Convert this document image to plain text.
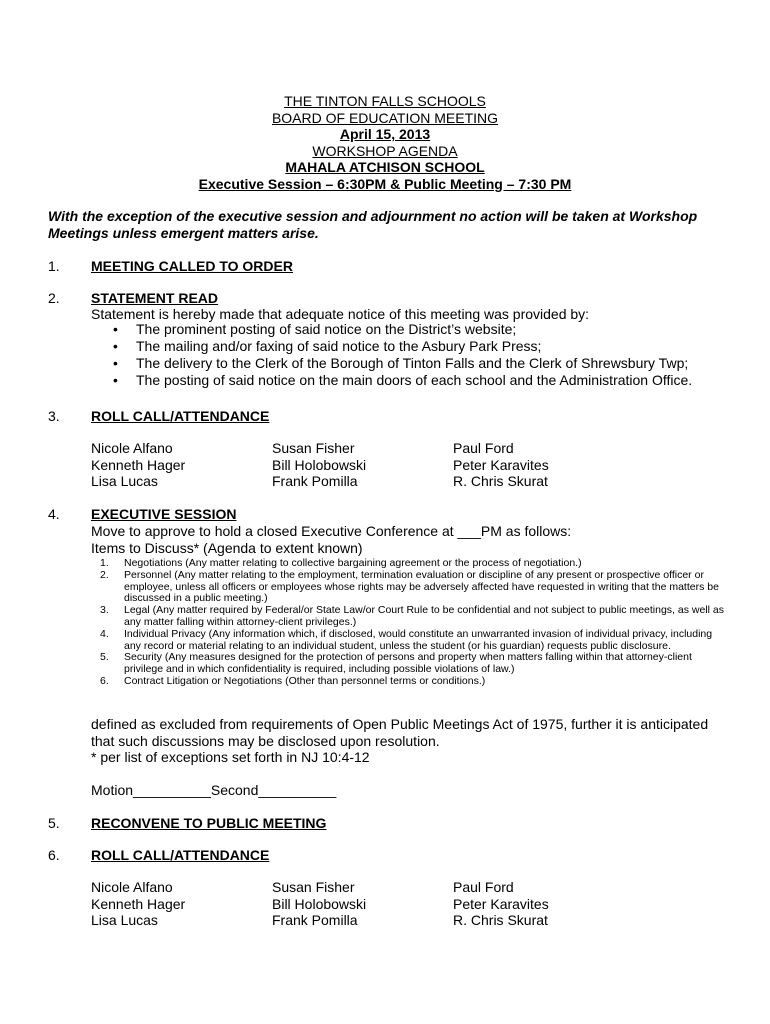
THE TINTON FALLS SCHOOLS
BOARD OF EDUCATION MEETING
April 15, 2013
WORKSHOP AGENDA
MAHALA ATCHISON SCHOOL
Executive Session – 6:30PM & Public Meeting – 7:30 PM
With the exception of the executive session and adjournment no action will be taken at Workshop Meetings unless emergent matters arise.
1. MEETING CALLED TO ORDER
2. STATEMENT READ
Statement is hereby made that adequate notice of this meeting was provided by:
• The prominent posting of said notice on the District’s website;
• The mailing and/or faxing of said notice to the Asbury Park Press;
• The delivery to the Clerk of the Borough of Tinton Falls and the Clerk of Shrewsbury Twp;
• The posting of said notice on the main doors of each school and the Administration Office.
3. ROLL CALL/ATTENDANCE
Nicole Alfano	Susan Fisher	Paul Ford
Kenneth Hager	Bill Holobowski	Peter Karavites
Lisa Lucas	Frank Pomilla	R. Chris Skurat
4. EXECUTIVE SESSION
Move to approve to hold a closed Executive Conference at ___PM as follows:
Items to Discuss* (Agenda to extent known)
1. Negotiations (Any matter relating to collective bargaining agreement or the process of negotiation.)
2. Personnel (Any matter relating to the employment, termination evaluation or discipline of any present or prospective officer or employee, unless all officers or employees whose rights may be adversely affected have requested in writing that the matters be discussed in a public meeting.)
3. Legal (Any matter required by Federal/or State Law/or Court Rule to be confidential and not subject to public meetings, as well as any matter falling within attorney-client privileges.)
4. Individual Privacy (Any information which, if disclosed, would constitute an unwarranted invasion of individual privacy, including any record or material relating to an individual student, unless the student (or his guardian) requests public disclosure.
5. Security (Any measures designed for the protection of persons and property when matters falling within that attorney-client privilege and in which confidentiality is required, including possible violations of law.)
6. Contract Litigation or Negotiations (Other than personnel terms or conditions.)
defined as excluded from requirements of Open Public Meetings Act of 1975, further it is anticipated that such discussions may be disclosed upon resolution.
* per list of exceptions set forth in NJ 10:4-12
Motion__________Second__________
5. RECONVENE TO PUBLIC MEETING
6. ROLL CALL/ATTENDANCE
Nicole Alfano	Susan Fisher	Paul Ford
Kenneth Hager	Bill Holobowski	Peter Karavites
Lisa Lucas	Frank Pomilla	R. Chris Skurat
